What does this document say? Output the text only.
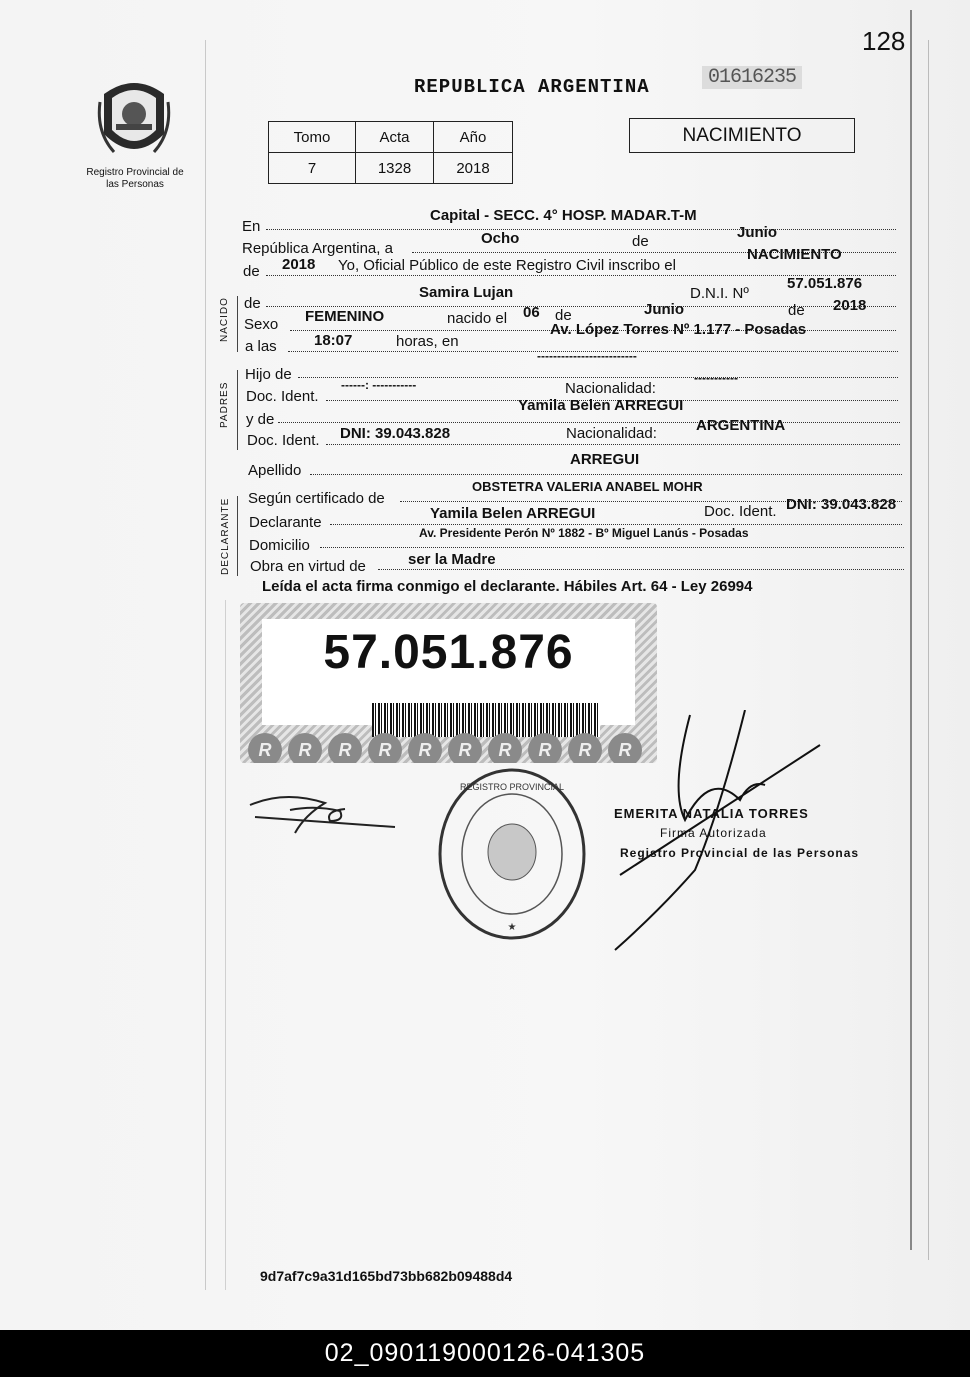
128
Registro Provincial de las Personas
REPUBLICA ARGENTINA	01616235
Tomo	Acta	Año
7	1328	2018
NACIMIENTO
En
Capital - SECC. 4° HOSP. MADAR.T-M
República Argentina, a
Ocho	de
Junio
de 2018 Yo, Oficial Público de este Registro Civil inscribo el
NACIMIENTO
NACIDO de
Samira Lujan	D.N.I. Nº
57.051.876
Sexo FEMENINO	nacido el 06 de	Junio	de 2018
a las 18:07	horas, en
Av. López Torres Nº 1.177 - Posadas
PADRES
Hijo de
-------------------------
Doc. Ident.
------: -----------	Nacionalidad:
-----------
y de
Yamila Belen ARREGUI
Doc. Ident. DNI: 39.043.828	Nacionalidad:	ARGENTINA
Apellido
ARREGUI
DECLARANTE Según certificado de
OBSTETRA VALERIA ANABEL MOHR
Declarante
Yamila Belen ARREGUI	Doc. Ident. DNI: 39.043.828
Domicilio
Av. Presidente Perón Nº 1882 - Bº Miguel Lanús - Posadas
Obra en virtud de	ser la Madre
Leída el acta firma conmigo el declarante. Hábiles Art. 64 - Ley 26994
57.051.876
R	R	R	R	R	R	R	R	R	R
REGISTRO PROVINCIAL
★
EMERITA NATALIA TORRES
Firma Autorizada
Registro Provincial de las Personas
9d7af7c9a31d165bd73bb682b09488d4
02_090119000126-041305
